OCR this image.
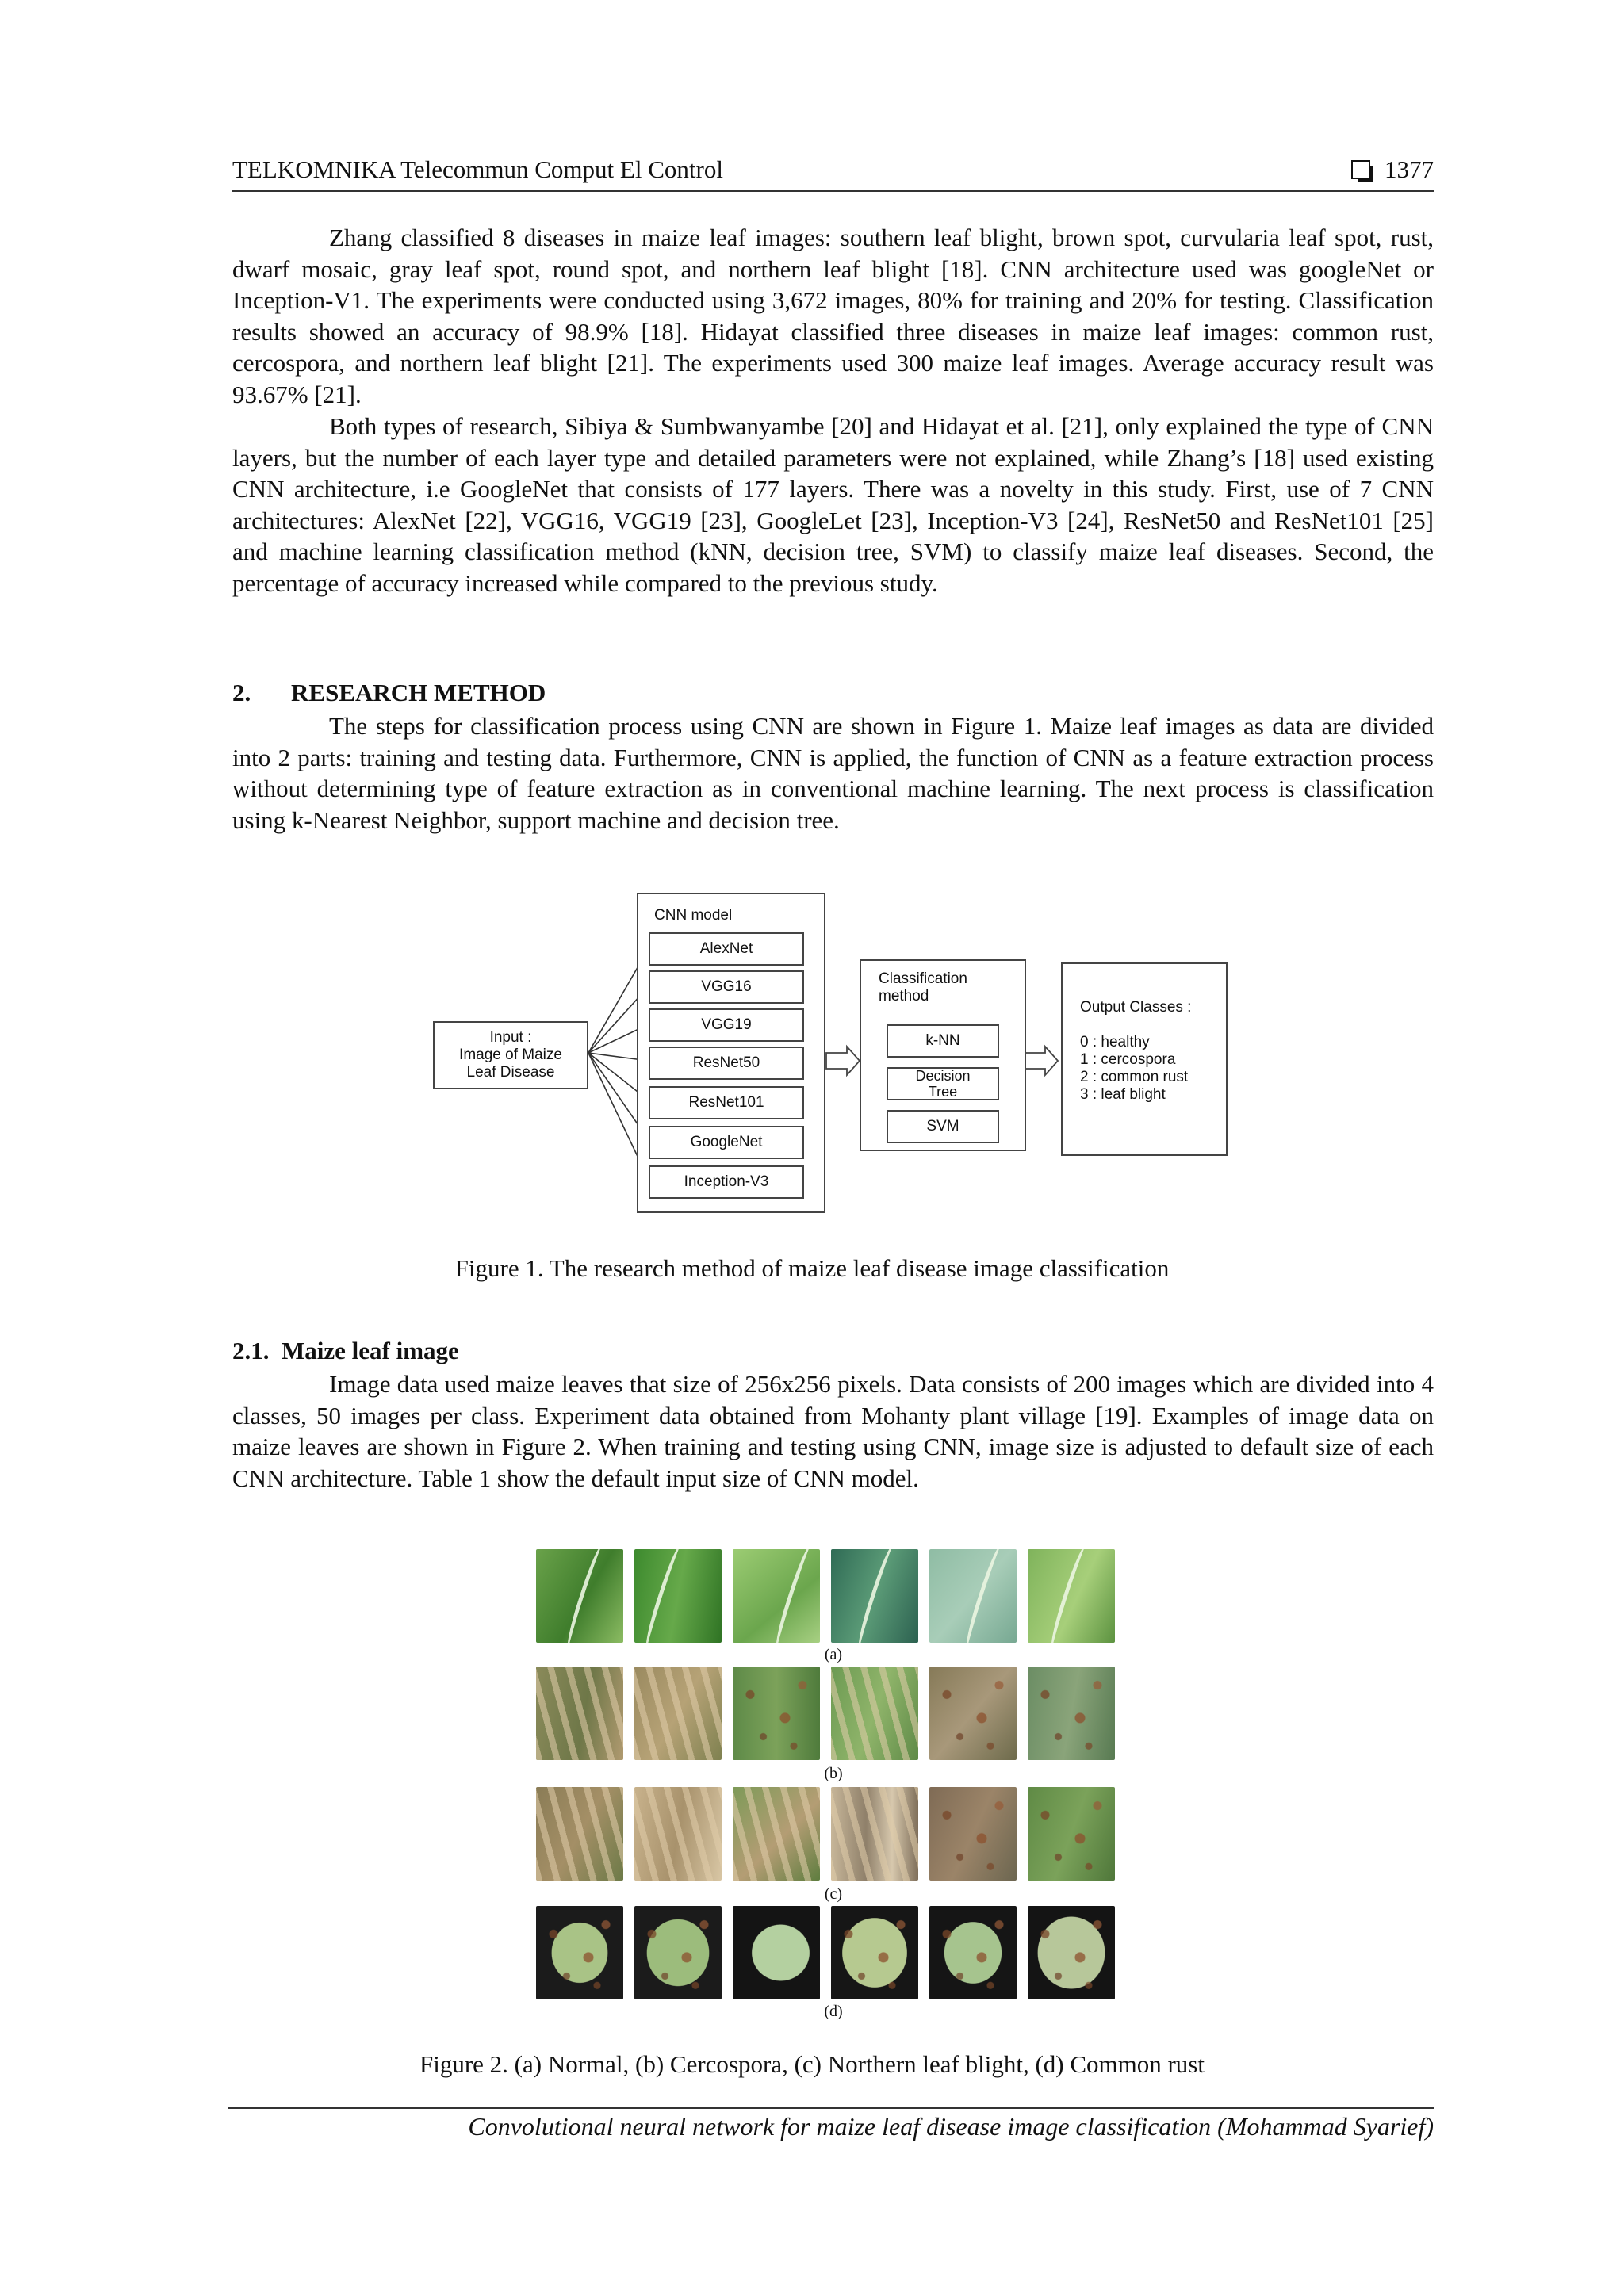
TELKOMNIKA Telecommun Comput El Control	1377

Zhang classified 8 diseases in maize leaf images: southern leaf blight, brown spot, curvularia leaf spot, rust, dwarf mosaic, gray leaf spot, round spot, and northern leaf blight [18]. CNN architecture used was googleNet or Inception-V1. The experiments were conducted using 3,672 images, 80% for training and 20% for testing. Classification results showed an accuracy of 98.9% [18]. Hidayat classified three diseases in maize leaf images: common rust, cercospora, and northern leaf blight [21]. The experiments used 300 maize leaf images. Average accuracy result was 93.67% [21].

Both types of research, Sibiya & Sumbwanyambe [20] and Hidayat et al. [21], only explained the type of CNN layers, but the number of each layer type and detailed parameters were not explained, while Zhang’s [18] used existing CNN architecture, i.e GoogleNet that consists of 177 layers. There was a novelty in this study. First, use of 7 CNN architectures: AlexNet [22], VGG16, VGG19 [23], GoogleLet [23], Inception-V3 [24], ResNet50 and ResNet101 [25] and machine learning classification method (kNN, decision tree, SVM) to classify maize leaf diseases. Second, the percentage of accuracy increased while compared to the previous study.

2. RESEARCH METHOD

The steps for classification process using CNN are shown in Figure 1. Maize leaf images as data are divided into 2 parts: training and testing data. Furthermore, CNN is applied, the function of CNN as a feature extraction process without determining type of feature extraction as in conventional machine learning. The next process is classification using k-Nearest Neighbor, support machine and decision tree.

Input :
Image of Maize
Leaf Disease
CNN model
AlexNet
VGG16
VGG19
ResNet50
ResNet101
GoogleNet
Inception-V3
Classification
method
k-NN
Decision
Tree
SVM
Output Classes :

0 : healthy

1 : cercospora

2 : common rust

3 : leaf blight

Figure 1. The research method of maize leaf disease image classification
2.1. Maize leaf image

Image data used maize leaves that size of 256x256 pixels. Data consists of 200 images which are divided into 4 classes, 50 images per class. Experiment data obtained from Mohanty plant village [19]. Examples of image data on maize leaves are shown in Figure 2. When training and testing using CNN, image size is adjusted to default size of each CNN architecture. Table 1 show the default input size of CNN model.

(a)
(b)
(c)
(d)
Figure 2. (a) Normal, (b) Cercospora, (c) Northern leaf blight, (d) Common rust
Convolutional neural network for maize leaf disease image classification (Mohammad Syarief)
